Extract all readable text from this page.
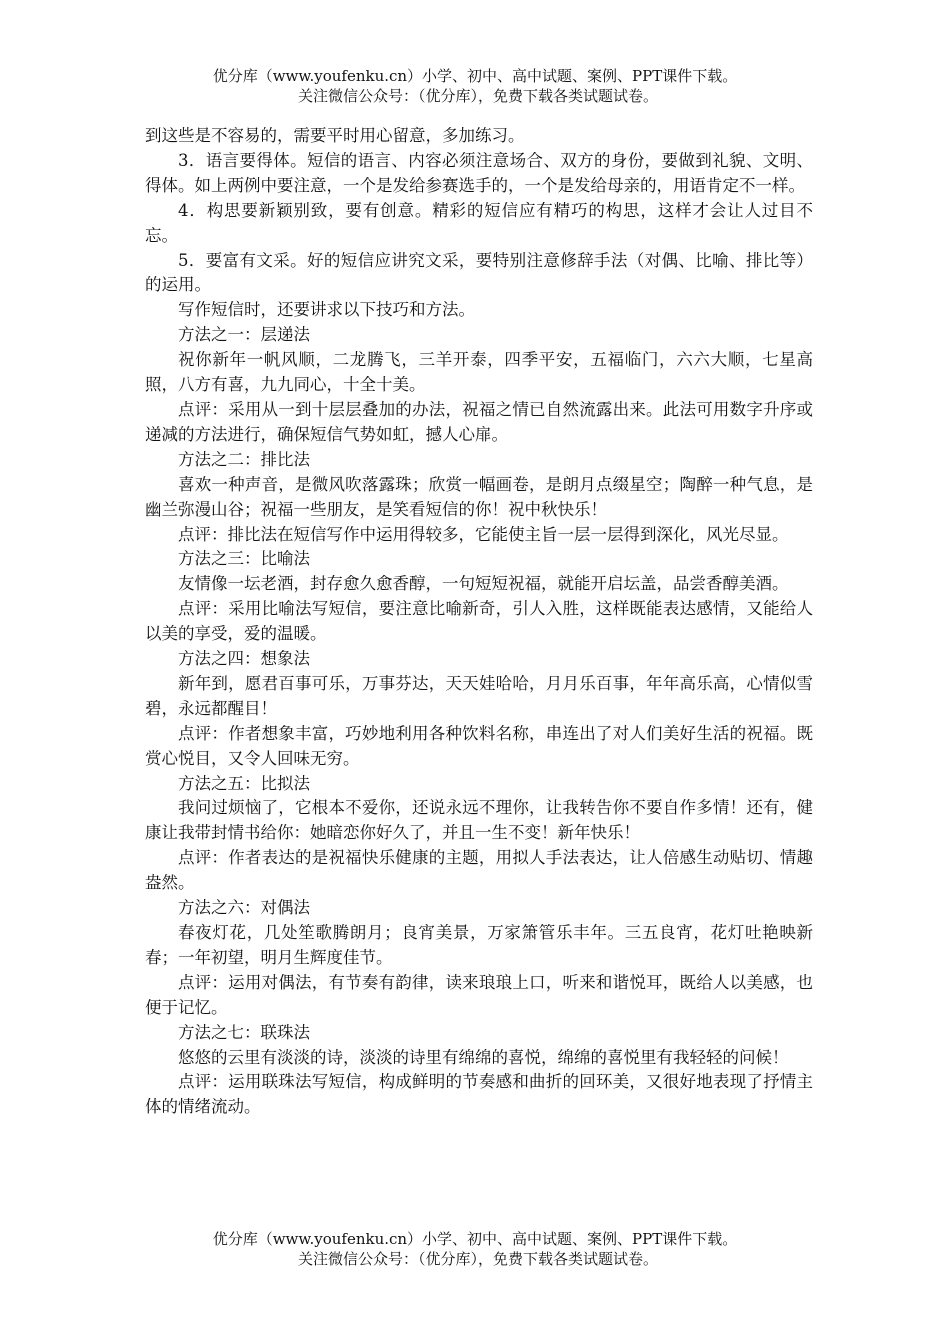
优分库（www.youfenku.cn）小学、初中、高中试题、案例、PPT课件下载。
关注微信公众号：（优分库），免费下载各类试题试卷。

到这些是不容易的，需要平时用心留意，多加练习。

3．语言要得体。短信的语言、内容必须注意场合、双方的身份，要做到礼貌、文明、得体。如上两例中要注意，一个是发给参赛选手的，一个是发给母亲的，用语肯定不一样。

4．构思要新颖别致，要有创意。精彩的短信应有精巧的构思，这样才会让人过目不忘。

5．要富有文采。好的短信应讲究文采，要特别注意修辞手法（对偶、比喻、排比等）的运用。

写作短信时，还要讲求以下技巧和方法。

方法之一：层递法

祝你新年一帆风顺，二龙腾飞，三羊开泰，四季平安，五福临门，六六大顺，七星高照，八方有喜，九九同心，十全十美。

点评：采用从一到十层层叠加的办法，祝福之情已自然流露出来。此法可用数字升序或递减的方法进行，确保短信气势如虹，撼人心扉。

方法之二：排比法

喜欢一种声音，是微风吹落露珠；欣赏一幅画卷，是朗月点缀星空；陶醉一种气息，是幽兰弥漫山谷；祝福一些朋友，是笑看短信的你！祝中秋快乐！

点评：排比法在短信写作中运用得较多，它能使主旨一层一层得到深化，风光尽显。

方法之三：比喻法

友情像一坛老酒，封存愈久愈香醇，一句短短祝福，就能开启坛盖，品尝香醇美酒。

点评：采用比喻法写短信，要注意比喻新奇，引人入胜，这样既能表达感情，又能给人以美的享受，爱的温暖。

方法之四：想象法

新年到，愿君百事可乐，万事芬达，天天娃哈哈，月月乐百事，年年高乐高，心情似雪碧，永远都醒目！

点评：作者想象丰富，巧妙地利用各种饮料名称，串连出了对人们美好生活的祝福。既赏心悦目，又令人回味无穷。

方法之五：比拟法

我问过烦恼了，它根本不爱你，还说永远不理你，让我转告你不要自作多情！还有，健康让我带封情书给你：她暗恋你好久了，并且一生不变！新年快乐！

点评：作者表达的是祝福快乐健康的主题，用拟人手法表达，让人倍感生动贴切、情趣盎然。

方法之六：对偶法

春夜灯花，几处笙歌腾朗月；良宵美景，万家箫管乐丰年。三五良宵，花灯吐艳映新春；一年初望，明月生辉度佳节。

点评：运用对偶法，有节奏有韵律，读来琅琅上口，听来和谐悦耳，既给人以美感，也便于记忆。

方法之七：联珠法

悠悠的云里有淡淡的诗，淡淡的诗里有绵绵的喜悦，绵绵的喜悦里有我轻轻的问候！

点评：运用联珠法写短信，构成鲜明的节奏感和曲折的回环美，又很好地表现了抒情主体的情绪流动。

优分库（www.youfenku.cn）小学、初中、高中试题、案例、PPT课件下载。
关注微信公众号：（优分库），免费下载各类试题试卷。
